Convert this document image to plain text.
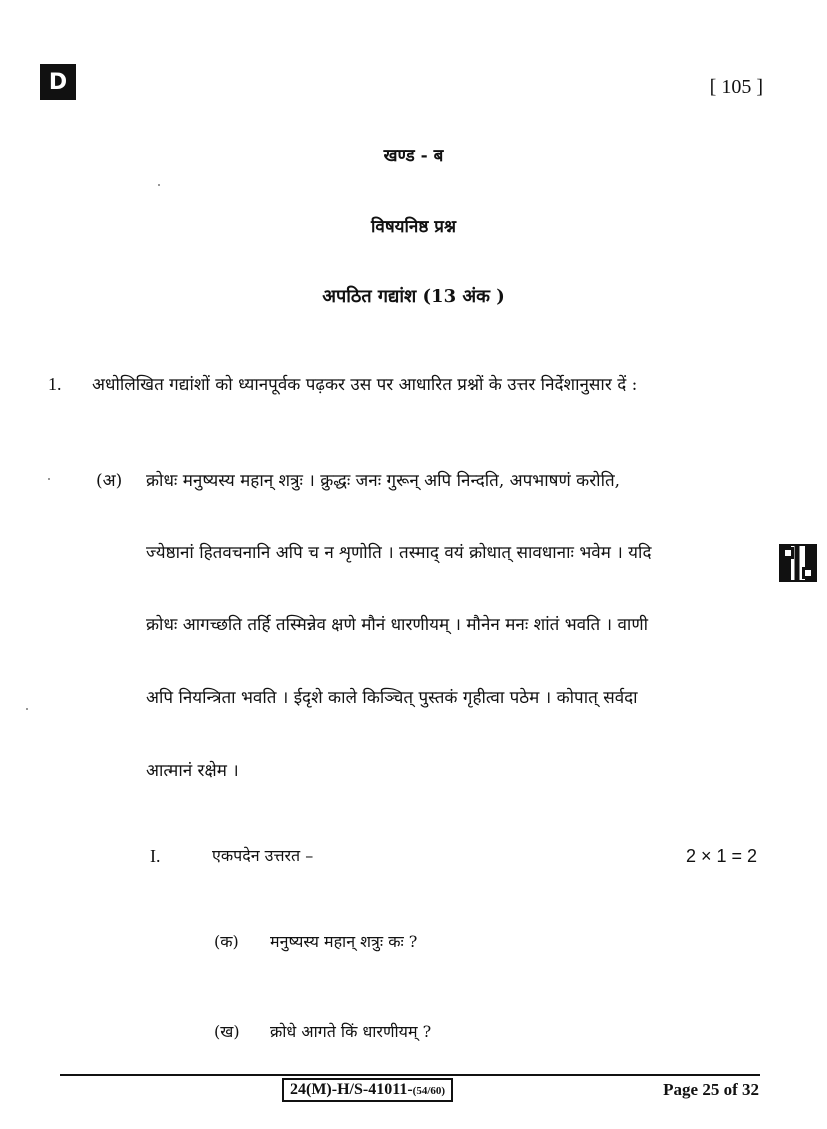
D	[ 105 ]
खण्ड - ब
विषयनिष्ठ प्रश्न
अपठित गद्यांश (13 अंक )
1. अधोलिखित गद्यांशों को ध्यानपूर्वक पढ़कर उस पर आधारित प्रश्नों के उत्तर निर्देशानुसार दें :
(अ) क्रोधः मनुष्यस्य महान् शत्रुः । क्रुद्धः जनः गुरून् अपि निन्दति, अपभाषणं करोति,
ज्येष्ठानां हितवचनानि अपि च न शृणोति । तस्माद् वयं क्रोधात् सावधानाः भवेम । यदि
क्रोधः आगच्छति तर्हि तस्मिन्नेव क्षणे मौनं धारणीयम् । मौनेन मनः शांतं भवति । वाणी
अपि नियन्त्रिता भवति । ईदृशे काले किञ्चित् पुस्तकं गृहीत्वा पठेम । कोपात् सर्वदा
आत्मानं रक्षेम ।
I.	एकपदेन उत्तरत –	2 × 1 = 2
(क) मनुष्यस्य महान् शत्रुः कः ?
(ख) क्रोधे आगते किं धारणीयम् ?
24(M)-H/S-41011-(54/60)	Page 25 of 32
